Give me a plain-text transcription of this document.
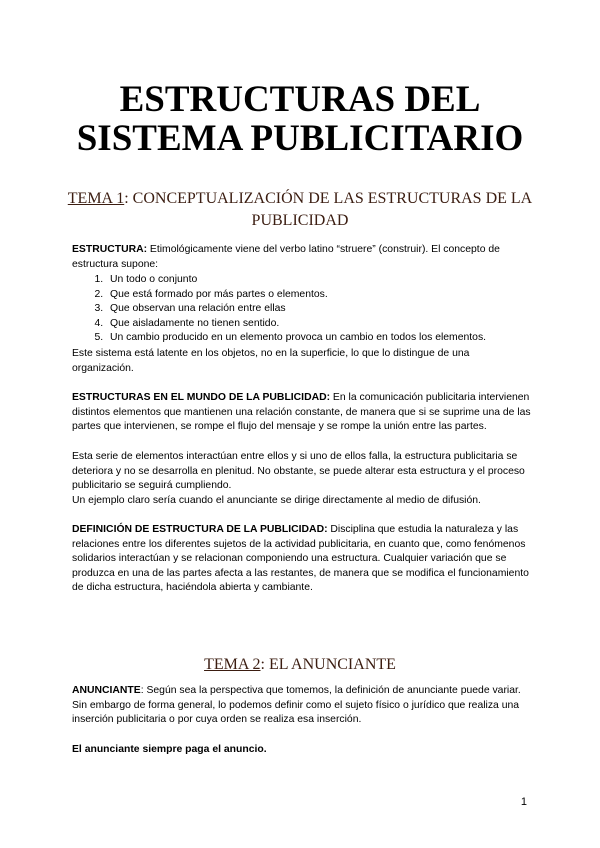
ESTRUCTURAS DEL
SISTEMA PUBLICITARIO
TEMA 1: CONCEPTUALIZACIÓN DE LAS ESTRUCTURAS DE LA
PUBLICIDAD
ESTRUCTURA: Etimológicamente viene del verbo latino “struere” (construir). El concepto de estructura supone:
1. Un todo o conjunto
2. Que está formado por más partes o elementos.
3. Que observan una relación entre ellas
4. Que aisladamente no tienen sentido.
5. Un cambio producido en un elemento provoca un cambio en todos los elementos.
Este sistema está latente en los objetos, no en la superficie, lo que lo distingue de una organización.
ESTRUCTURAS EN EL MUNDO DE LA PUBLICIDAD: En la comunicación publicitaria intervienen distintos elementos que mantienen una relación constante, de manera que si se suprime una de las partes que intervienen, se rompe el flujo del mensaje y se rompe la unión entre las partes.
Esta serie de elementos interactúan entre ellos y si uno de ellos falla, la estructura publicitaria se deteriora y no se desarrolla en plenitud. No obstante, se puede alterar esta estructura y el proceso publicitario se seguirá cumpliendo.
Un ejemplo claro sería cuando el anunciante se dirige directamente al medio de difusión.
DEFINICIÓN DE ESTRUCTURA DE LA PUBLICIDAD: Disciplina que estudia la naturaleza y las relaciones entre los diferentes sujetos de la actividad publicitaria, en cuanto que, como fenómenos solidarios interactúan y se relacionan componiendo una estructura. Cualquier variación que se produzca en una de las partes afecta a las restantes, de manera que se modifica el funcionamiento de dicha estructura, haciéndola abierta y cambiante.
TEMA 2: EL ANUNCIANTE
ANUNCIANTE: Según sea la perspectiva que tomemos, la definición de anunciante puede variar. Sin embargo de forma general, lo podemos definir como el sujeto físico o jurídico que realiza una inserción publicitaria o por cuya orden se realiza esa inserción.
El anunciante siempre paga el anuncio.
1
